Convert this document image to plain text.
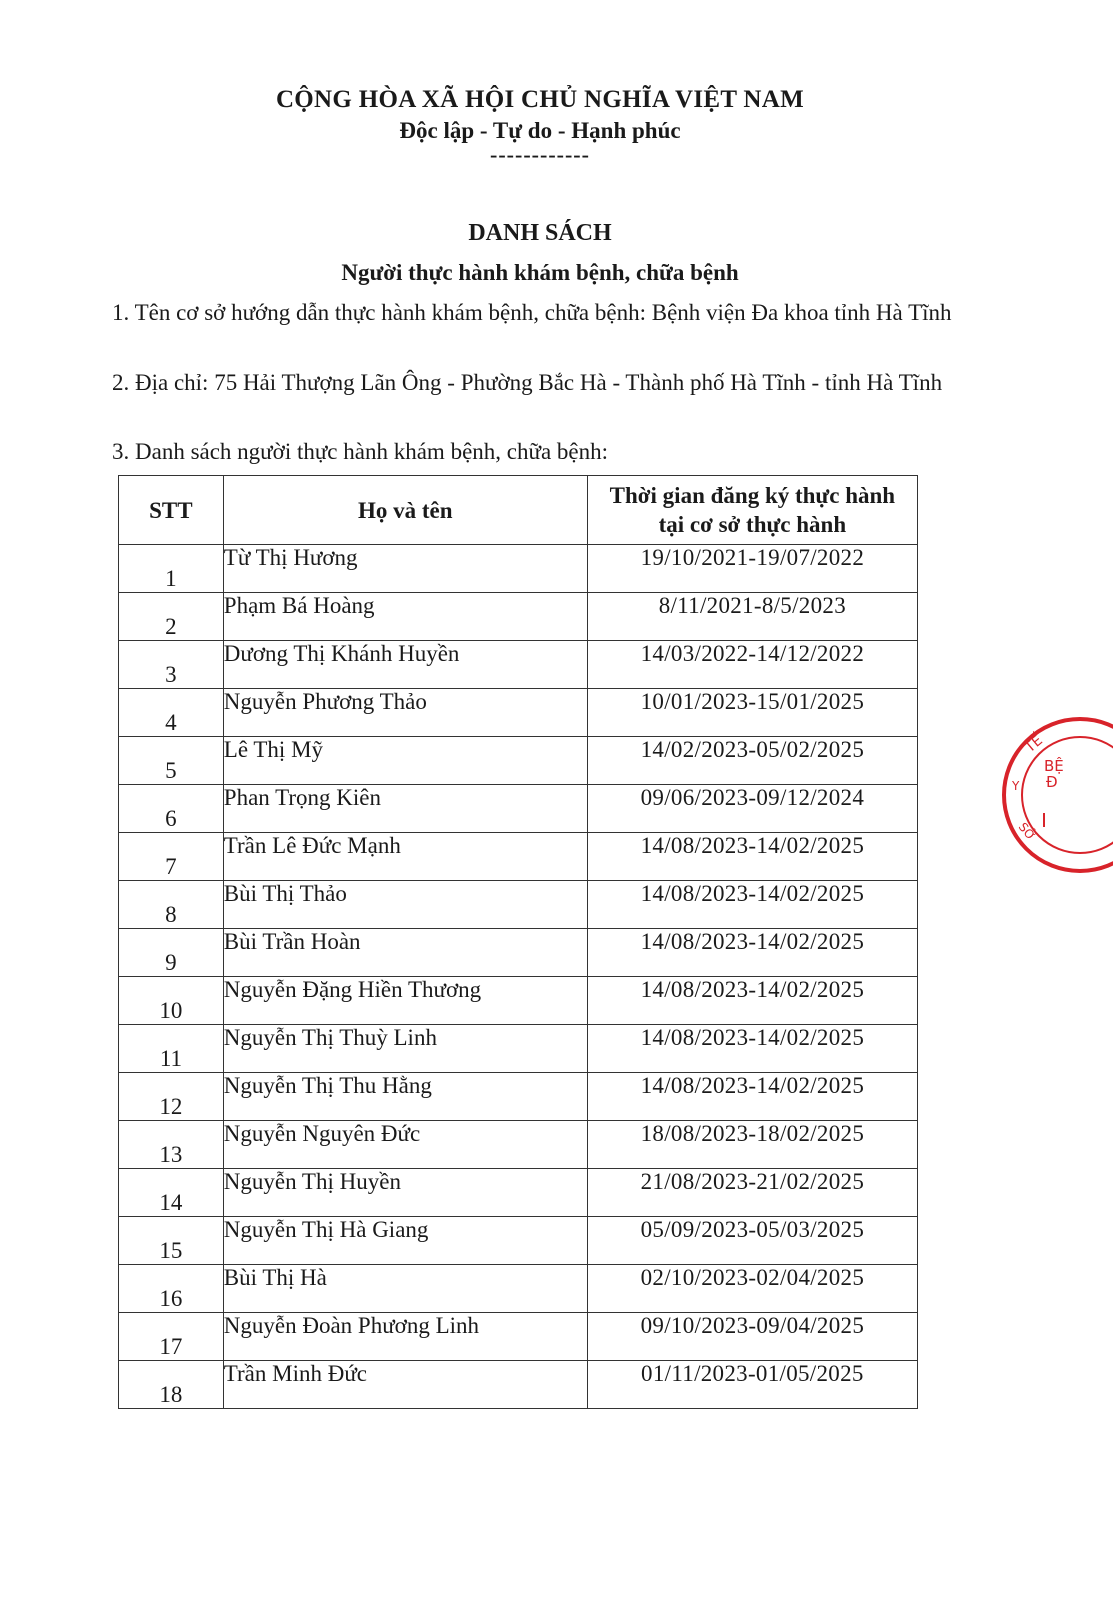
CỘNG HÒA XÃ HỘI CHỦ NGHĨA VIỆT NAM
Độc lập - Tự do - Hạnh phúc
------------
DANH SÁCH
Người thực hành khám bệnh, chữa bệnh
1. Tên cơ sở hướng dẫn thực hành khám bệnh, chữa bệnh: Bệnh viện Đa khoa tỉnh Hà Tĩnh
2. Địa chỉ: 75 Hải Thượng Lãn Ông - Phường Bắc Hà - Thành phố Hà Tĩnh - tỉnh Hà Tĩnh
3. Danh sách người thực hành khám bệnh, chữa bệnh:
STT	Họ và tên	Thời gian đăng ký thực hành
tại cơ sở thực hành
1	Từ Thị Hương	19/10/2021-19/07/2022
2	Phạm Bá Hoàng	8/11/2021-8/5/2023
3	Dương Thị Khánh Huyền	14/03/2022-14/12/2022
4	Nguyễn Phương Thảo	10/01/2023-15/01/2025
5	Lê Thị Mỹ	14/02/2023-05/02/2025
6	Phan Trọng Kiên	09/06/2023-09/12/2024
7	Trần Lê Đức Mạnh	14/08/2023-14/02/2025
8	Bùi Thị Thảo	14/08/2023-14/02/2025
9	Bùi Trần Hoàn	14/08/2023-14/02/2025
10	Nguyễn Đặng Hiền Thương	14/08/2023-14/02/2025
11	Nguyễn Thị Thuỳ Linh	14/08/2023-14/02/2025
12	Nguyễn Thị Thu Hằng	14/08/2023-14/02/2025
13	Nguyễn Nguyên Đức	18/08/2023-18/02/2025
14	Nguyễn Thị Huyền	21/08/2023-21/02/2025
15	Nguyễn Thị Hà Giang	05/09/2023-05/03/2025
16	Bùi Thị Hà	02/10/2023-02/04/2025
17	Nguyễn Đoàn Phương Linh	09/10/2023-09/04/2025
18	Trần Minh Đức	01/11/2023-01/05/2025
TẾ
BỆ
Đ
Y
SỞ
